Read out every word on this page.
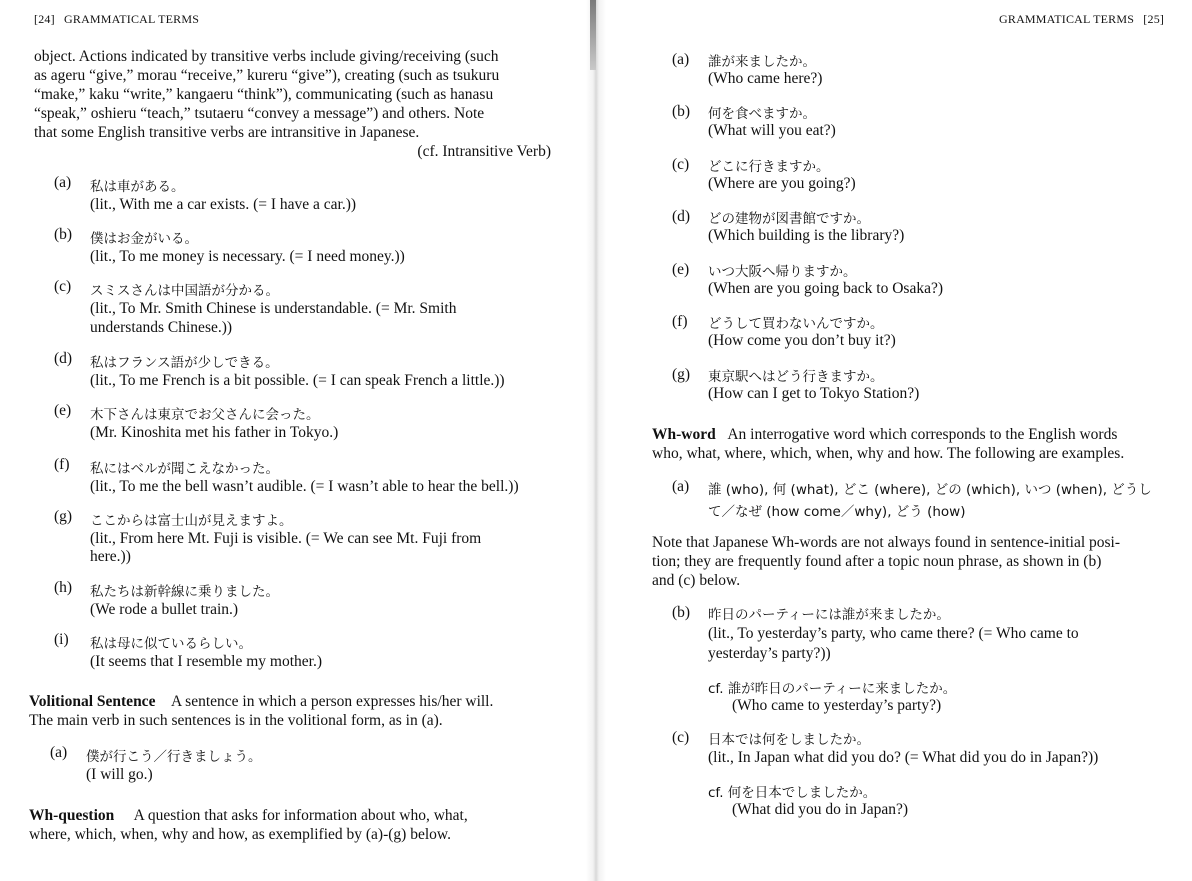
[24] GRAMMATICAL TERMS
object. Actions indicated by transitive verbs include giving/receiving (such
as ageru “give,” morau “receive,” kureru “give”), creating (such as tsukuru
“make,” kaku “write,” kangaeru “think”), communicating (such as hanasu
“speak,” oshieru “teach,” tsutaeru “convey a message”) and others. Note
that some English transitive verbs are intransitive in Japanese.
(cf. Intransitive Verb)
(a) 私は車がある。
(lit., With me a car exists. (= I have a car.))
(b) 僕はお金がいる。
(lit., To me money is necessary. (= I need money.))
(c) スミスさんは中国語が分かる。
(lit., To Mr. Smith Chinese is understandable. (= Mr. Smith
understands Chinese.))
(d) 私はフランス語が少しできる。
(lit., To me French is a bit possible. (= I can speak French a little.))
(e) 木下さんは東京でお父さんに会った。
(Mr. Kinoshita met his father in Tokyo.)
(f) 私にはベルが聞こえなかった。
(lit., To me the bell wasn’t audible. (= I wasn’t able to hear the bell.))
(g) ここからは富士山が見えますよ。
(lit., From here Mt. Fuji is visible. (= We can see Mt. Fuji from
here.))
(h) 私たちは新幹線に乗りました。
(We rode a bullet train.)
(i) 私は母に似ているらしい。
(It seems that I resemble my mother.)
Volitional Sentence A sentence in which a person expresses his/her will.
The main verb in such sentences is in the volitional form, as in (a).
(a) 僕が行こう／行きましょう。
(I will go.)
Wh-question A question that asks for information about who, what,
where, which, when, why and how, as exemplified by (a)-(g) below.
GRAMMATICAL TERMS [25]
(a) 誰が来ましたか。
(Who came here?)
(b) 何を食べますか。
(What will you eat?)
(c) どこに行きますか。
(Where are you going?)
(d) どの建物が図書館ですか。
(Which building is the library?)
(e) いつ大阪へ帰りますか。
(When are you going back to Osaka?)
(f) どうして買わないんですか。
(How come you don’t buy it?)
(g) 東京駅へはどう行きますか。
(How can I get to Tokyo Station?)
Wh-word An interrogative word which corresponds to the English words
who, what, where, which, when, why and how. The following are examples.
(a) 誰 (who), 何 (what), どこ (where), どの (which), いつ (when), どうし
て／なぜ (how come／why), どう (how)
Note that Japanese Wh-words are not always found in sentence-initial posi-
tion; they are frequently found after a topic noun phrase, as shown in (b)
and (c) below.
(b) 昨日のパーティーには誰が来ましたか。
(lit., To yesterday’s party, who came there? (= Who came to
yesterday’s party?))
cf. 誰が昨日のパーティーに来ましたか。
(Who came to yesterday’s party?)
(c) 日本では何をしましたか。
(lit., In Japan what did you do? (= What did you do in Japan?))
cf. 何を日本でしましたか。
(What did you do in Japan?)
